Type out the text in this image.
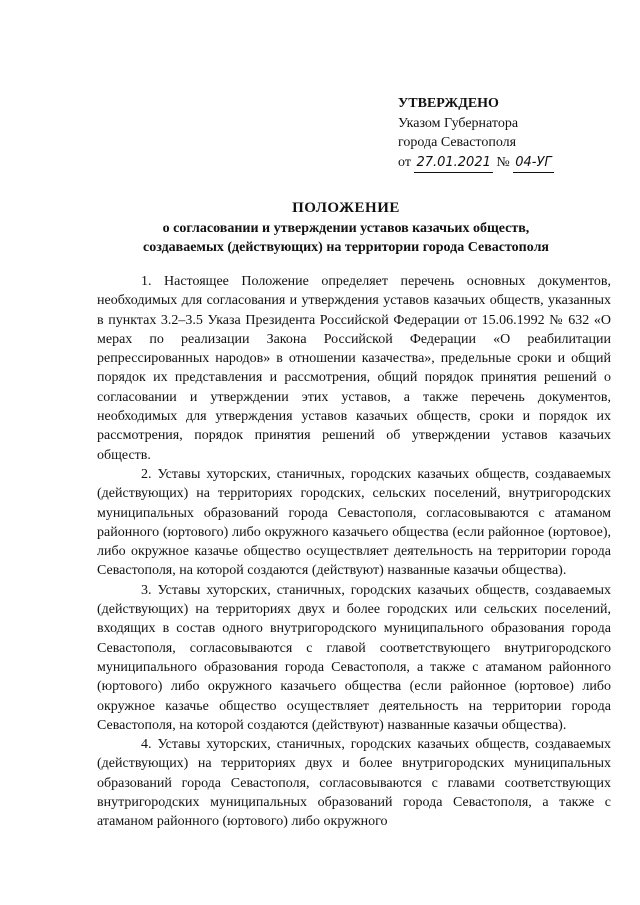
УТВЕРЖДЕНО
Указом Губернатора
города Севастополя
от 27.01.2021 № 04-УГ
ПОЛОЖЕНИЕ
о согласовании и утверждении уставов казачьих обществ,
создаваемых (действующих) на территории города Севастополя

1. Настоящее Положение определяет перечень основных документов, необходимых для согласования и утверждения уставов казачьих обществ, указанных в пунктах 3.2–3.5 Указа Президента Российской Федерации от 15.06.1992 № 632 «О мерах по реализации Закона Российской Федерации «О реабилитации репрессированных народов» в отношении казачества», предельные сроки и общий порядок их представления и рассмотрения, общий порядок принятия решений о согласовании и утверждении этих уставов, а также перечень документов, необходимых для утверждения уставов казачьих обществ, сроки и порядок их рассмотрения, порядок принятия решений об утверждении уставов казачьих обществ.

2. Уставы хуторских, станичных, городских казачьих обществ, создаваемых (действующих) на территориях городских, сельских поселений, внутригородских муниципальных образований города Севастополя, согласовываются с атаманом районного (юртового) либо окружного казачьего общества (если районное (юртовое), либо окружное казачье общество осуществляет деятельность на территории города Севастополя, на которой создаются (действуют) названные казачьи общества).

3. Уставы хуторских, станичных, городских казачьих обществ, создаваемых (действующих) на территориях двух и более городских или сельских поселений, входящих в состав одного внутригородского муниципального образования города Севастополя, согласовываются с главой соответствующего внутригородского муниципального образования города Севастополя, а также с атаманом районного (юртового) либо окружного казачьего общества (если районное (юртовое) либо окружное казачье общество осуществляет деятельность на территории города Севастополя, на которой создаются (действуют) названные казачьи общества).

4. Уставы хуторских, станичных, городских казачьих обществ, создаваемых (действующих) на территориях двух и более внутригородских муниципальных образований города Севастополя, согласовываются с главами соответствующих внутригородских муниципальных образований города Севастополя, а также с атаманом районного (юртового) либо окружного
